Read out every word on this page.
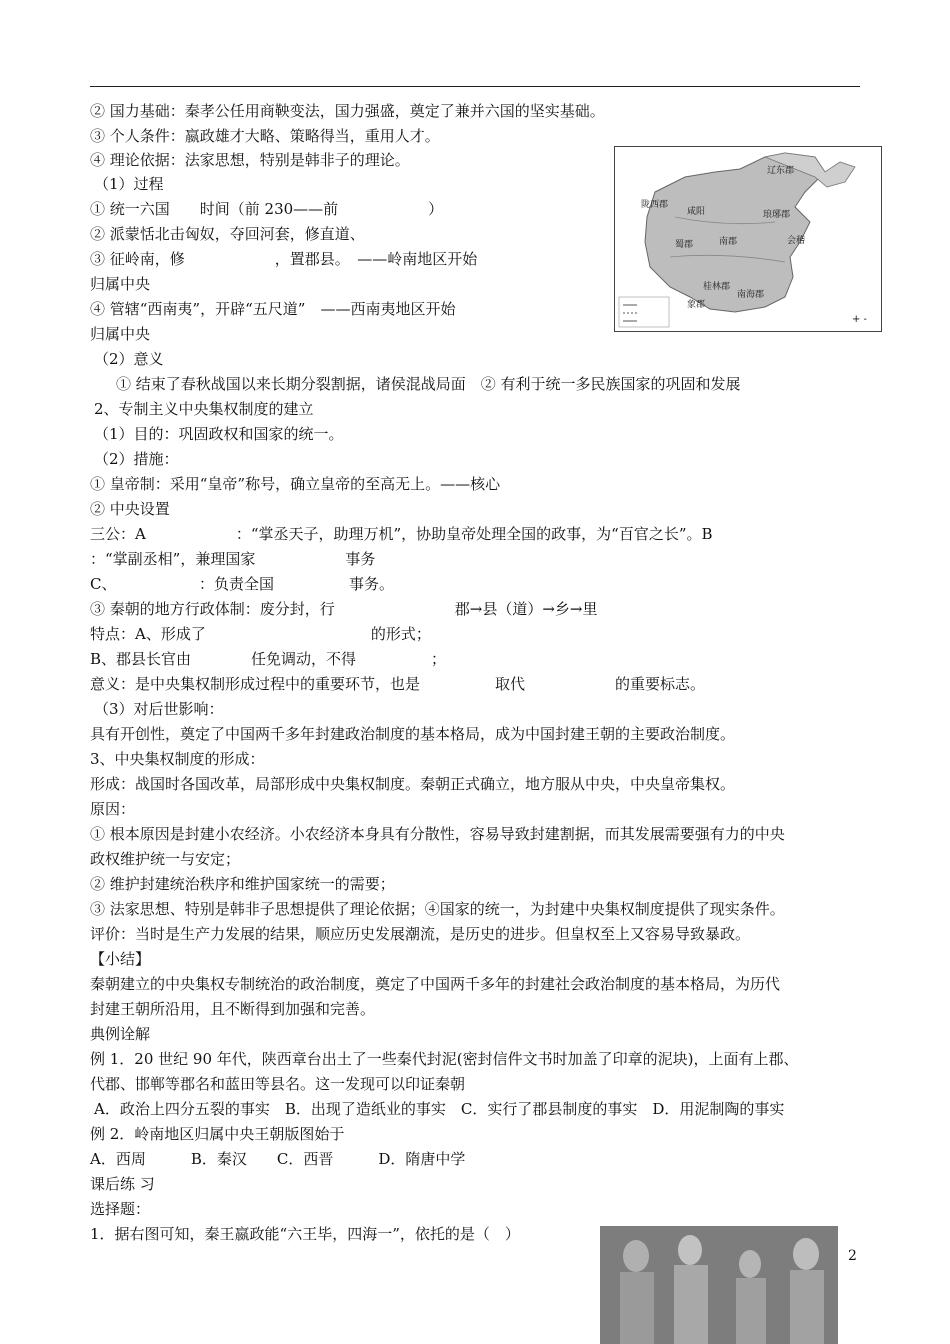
② 国力基础：秦孝公任用商鞅变法，国力强盛，奠定了兼并六国的坚实基础。
③ 个人条件：嬴政雄才大略、策略得当，重用人才。
④ 理论依据：法家思想，特别是韩非子的理论。
（1）过程
① 统一六国　　时间（前 230——前　　　　　　）
② 派蒙恬北击匈奴，夺回河套，修直道、
③ 征岭南，修　　　　　　，置郡县。　——岭南地区开始
归属中央
④ 管辖“西南夷”，开辟“五尺道”　——西南夷地区开始
归属中央
（2）意义
① 结束了春秋战国以来长期分裂割据，诸侯混战局面　② 有利于统一多民族国家的巩固和发展
2、专制主义中央集权制度的建立
（1）目的：巩固政权和国家的统一。
（2）措施：
① 皇帝制：采用“皇帝”称号，确立皇帝的至高无上。——核心
② 中央设置
三公：A　　　　　　：“掌丞天子，助理万机”，协助皇帝处理全国的政事，为“百官之长”。B
：“掌副丞相”，兼理国家　　　　　　事务
C、　　　　　　：负责全国　　　　　事务。
③ 秦朝的地方行政体制：废分封，行　　　　　　　　郡→县（道）→乡→里
特点：A、形成了　　　　　　　　　　　的形式；
B、郡县长官由　　　　任免调动，不得　　　　　；
意义：是中央集权制形成过程中的重要环节，也是　　　　　取代　　　　　　的重要标志。
（3）对后世影响：
具有开创性，奠定了中国两千多年封建政治制度的基本格局，成为中国封建王朝的主要政治制度。
3、中央集权制度的形成：
形成：战国时各国改革，局部形成中央集权制度。秦朝正式确立，地方服从中央，中央皇帝集权。
原因：
① 根本原因是封建小农经济。小农经济本身具有分散性，容易导致封建割据，而其发展需要强有力的中央
政权维护统一与安定；
② 维护封建统治秩序和维护国家统一的需要；
③ 法家思想、特别是韩非子思想提供了理论依据；④国家的统一，为封建中央集权制度提供了现实条件。
评价：当时是生产力发展的结果，顺应历史发展潮流，是历史的进步。但皇权至上又容易导致暴政。
【小结】
秦朝建立的中央集权专制统治的政治制度，奠定了中国两千多年的封建社会政治制度的基本格局，为历代
封建王朝所沿用，且不断得到加强和完善。
典例诠解
例 1．20 世纪 90 年代，陕西章台出土了一些秦代封泥(密封信件文书时加盖了印章的泥块)，上面有上郡、
代郡、邯郸等郡名和蓝田等县名。这一发现可以印证秦朝
A．政治上四分五裂的事实　B．出现了造纸业的事实　C．实行了郡县制度的事实　D．用泥制陶的事实
例 2．岭南地区归属中央王朝版图始于
A．西周　　　B．秦汉　　C．西晋　　　D．隋唐中学
课后练 习
选择题：
1．据右图可知，秦王嬴政能“六王毕，四海一”，依托的是（　）
辽东郡
陇西郡
咸阳	琅琊郡
蜀郡	南郡	会稽
桂林郡
南海郡
象郡
+ -
2
